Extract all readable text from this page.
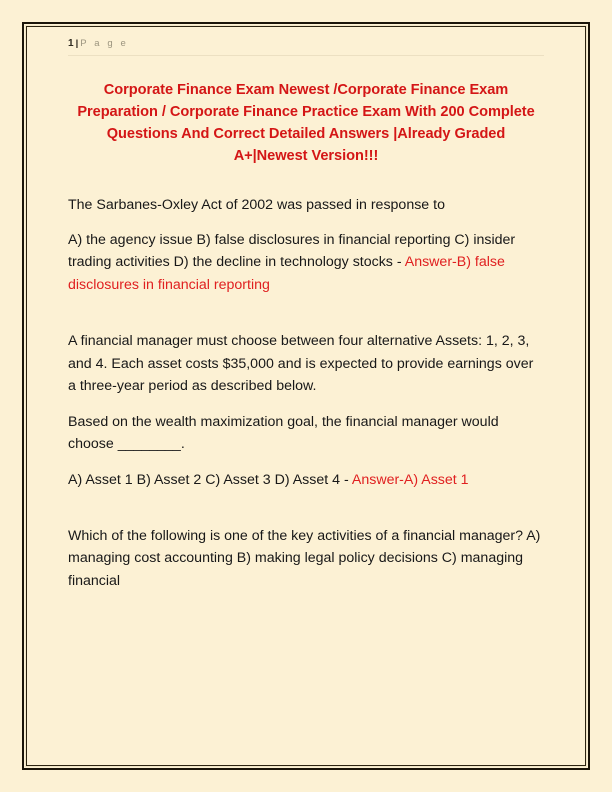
1 | P a g e
Corporate Finance Exam Newest /Corporate Finance Exam Preparation / Corporate Finance Practice Exam With 200 Complete Questions And Correct Detailed Answers |Already Graded A+|Newest Version!!!
The Sarbanes-Oxley Act of 2002 was passed in response to
A) the agency issue B) false disclosures in financial reporting C) insider trading activities D) the decline in technology stocks - Answer-B) false disclosures in financial reporting
A financial manager must choose between four alternative Assets: 1, 2, 3, and 4. Each asset costs $35,000 and is expected to provide earnings over a three-year period as described below.
Based on the wealth maximization goal, the financial manager would choose ________.
A) Asset 1 B) Asset 2 C) Asset 3 D) Asset 4 - Answer-A) Asset 1
Which of the following is one of the key activities of a financial manager? A) managing cost accounting B) making legal policy decisions C) managing financial
